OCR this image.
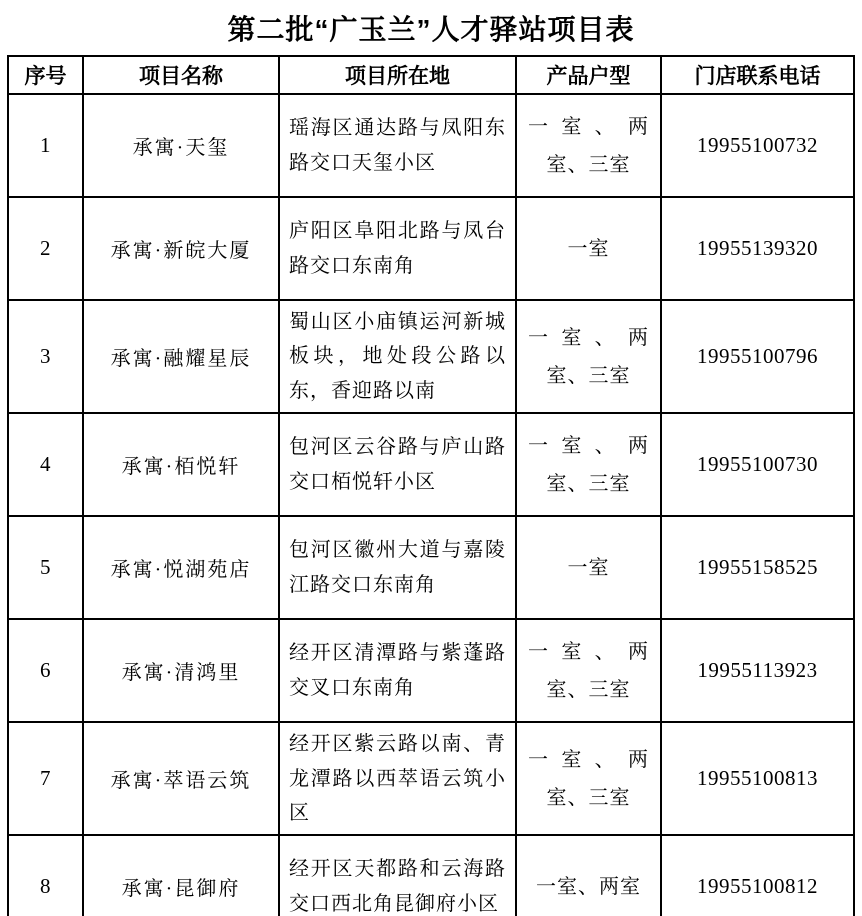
第二批“广玉兰”人才驿站项目表
序号	项目名称	项目所在地	产品户型	门店联系电话
1	承寓·天玺	瑶海区通达路与凤阳东路交口天玺小区	一室、两室、三室	19955100732
2	承寓·新皖大厦	庐阳区阜阳北路与凤台路交口东南角	一室	19955139320
3	承寓·融耀星辰	蜀山区小庙镇运河新城板块，地处段公路以东，香迎路以南	一室、两室、三室	19955100796
4	承寓·栢悦轩	包河区云谷路与庐山路交口栢悦轩小区	一室、两室、三室	19955100730
5	承寓·悦湖苑店	包河区徽州大道与嘉陵江路交口东南角	一室	19955158525
6	承寓·清鸿里	经开区清潭路与紫蓬路交叉口东南角	一室、两室、三室	19955113923
7	承寓·萃语云筑	经开区紫云路以南、青龙潭路以西萃语云筑小区	一室、两室、三室	19955100813
8	承寓·昆御府	经开区天都路和云海路交口西北角昆御府小区	一室、两室	19955100812
